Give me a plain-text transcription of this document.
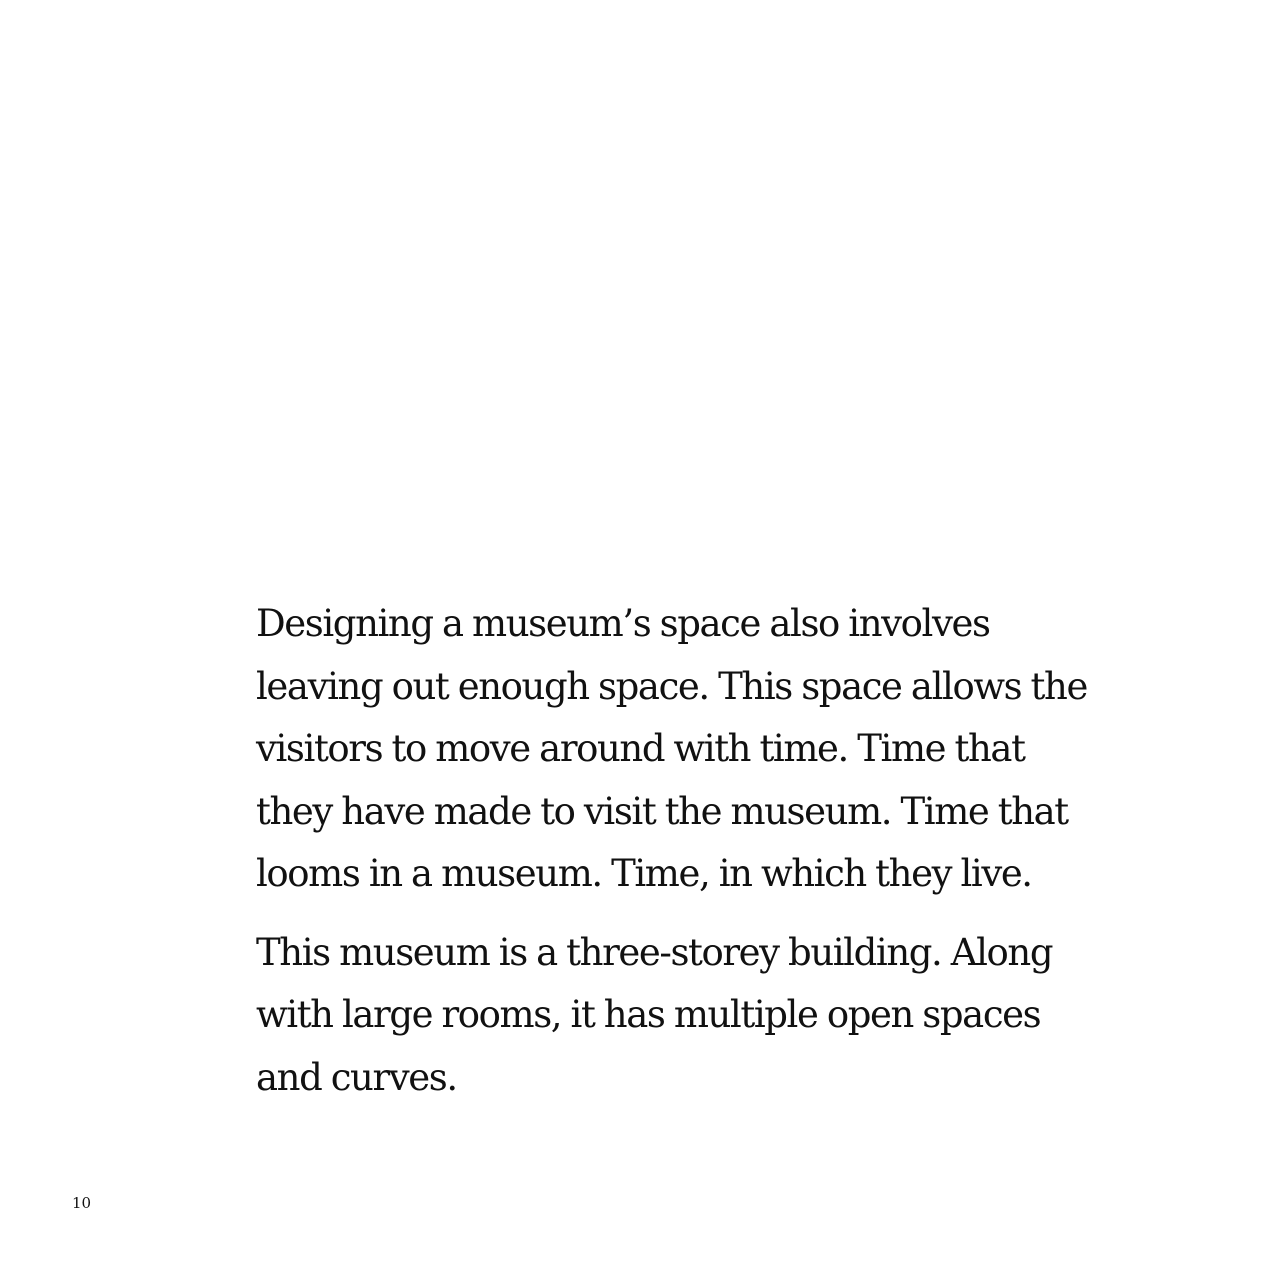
Designing a museum’s space also involves
leaving out enough space. This space allows the
visitors to move around with time. Time that
they have made to visit the museum. Time that
looms in a museum. Time, in which they live.

This museum is a three-storey building. Along
with large rooms, it has multiple open spaces
and curves.

10
